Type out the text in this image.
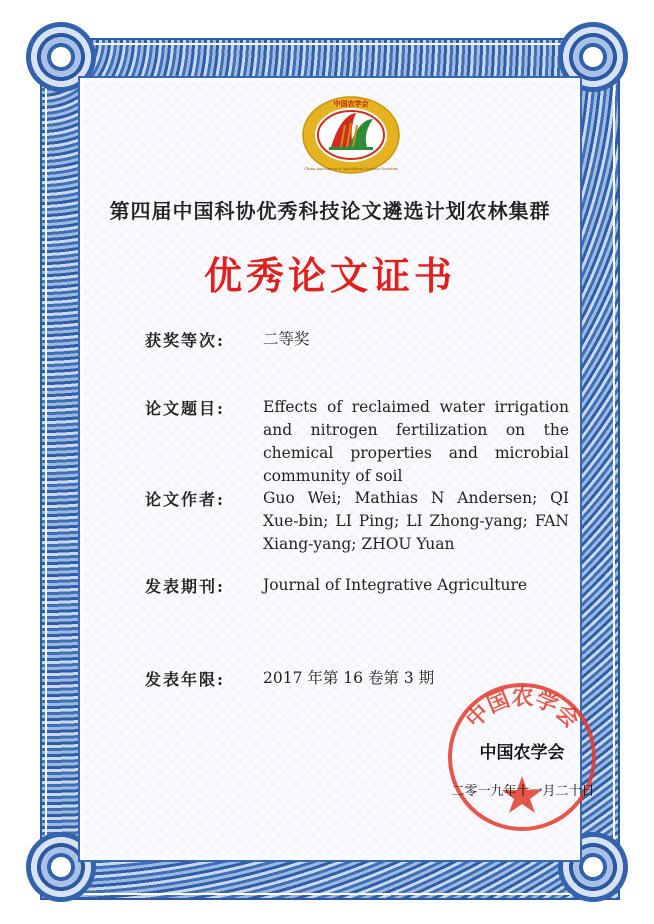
中国农学会
China Association of Agricultural Science Societies
第四届中国科协优秀科技论文遴选计划农林集群
优秀论文证书
获奖等次:	二等奖
论文题目:	Effects of reclaimed water irrigation and nitrogen fertilization on the chemical properties and microbial community of soil
论文作者:	Guo Wei; Mathias N Andersen; QI Xue-bin; LI Ping; LI Zhong-yang; FAN Xiang-yang; ZHOU Yuan
发表期刊:	Journal of Integrative Agriculture
发表年限:	2017 年第 16 卷第 3 期
中国农学会
中国农学会
二零一九年十一月二十日
